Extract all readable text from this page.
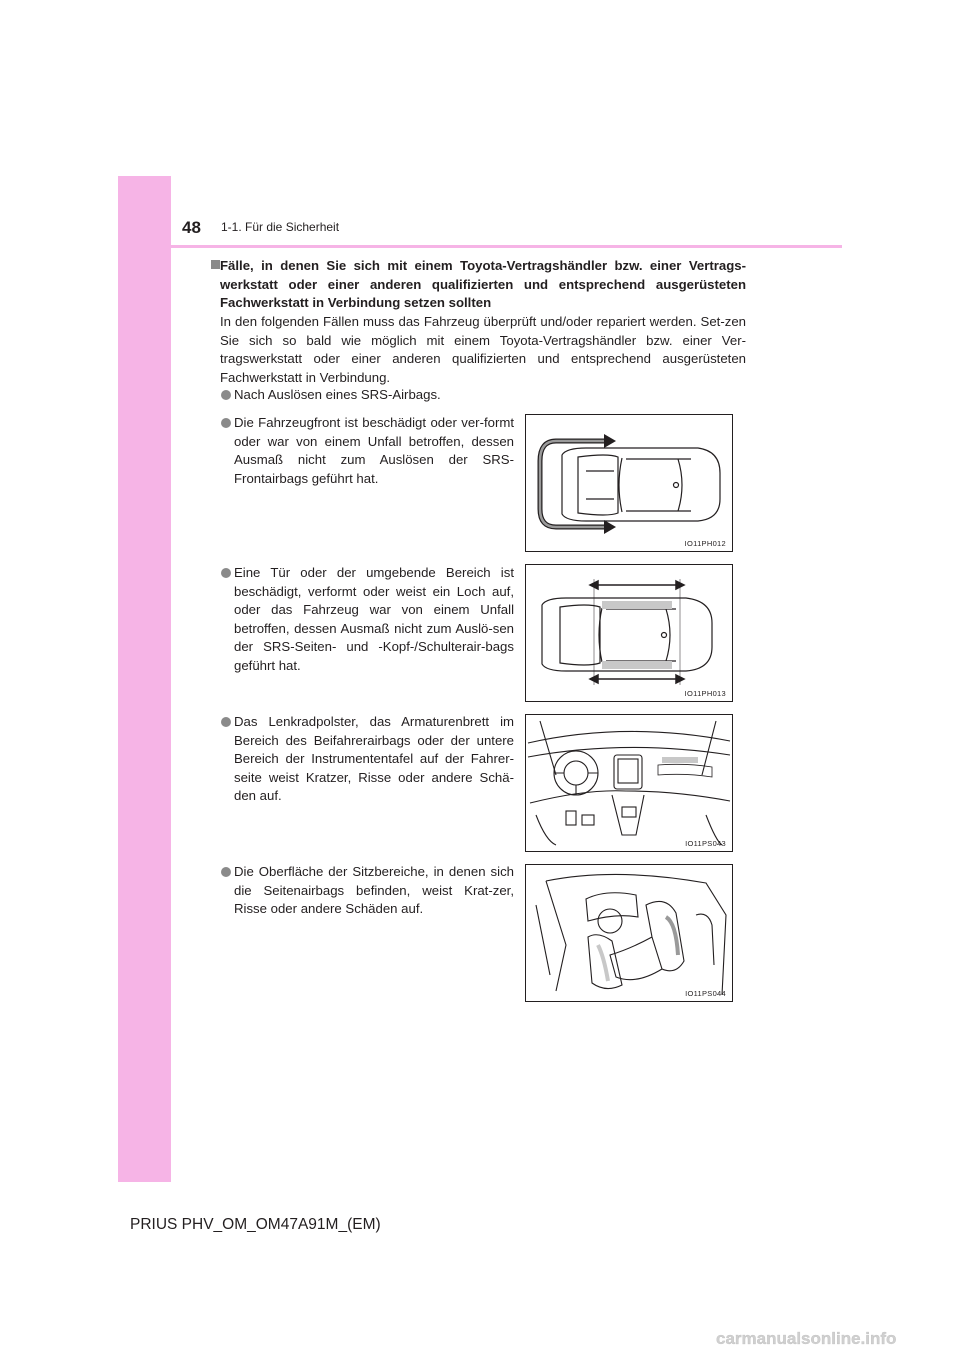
48 1-1. Für die Sicherheit
Fälle, in denen Sie sich mit einem Toyota-Vertragshändler bzw. einer Vertrags-werkstatt oder einer anderen qualifizierten und entsprechend ausgerüsteten Fachwerkstatt in Verbindung setzen sollten
In den folgenden Fällen muss das Fahrzeug überprüft und/oder repariert werden. Set-zen Sie sich so bald wie möglich mit einem Toyota-Vertragshändler bzw. einer Ver-tragswerkstatt oder einer anderen qualifizierten und entsprechend ausgerüsteten Fachwerkstatt in Verbindung.
Nach Auslösen eines SRS-Airbags.
Die Fahrzeugfront ist beschädigt oder ver-formt oder war von einem Unfall betroffen, dessen Ausmaß nicht zum Auslösen der SRS-Frontairbags geführt hat.
Eine Tür oder der umgebende Bereich ist beschädigt, verformt oder weist ein Loch auf, oder das Fahrzeug war von einem Unfall betroffen, dessen Ausmaß nicht zum Auslö-sen der SRS-Seiten- und -Kopf-/Schulterair-bags geführt hat.
Das Lenkradpolster, das Armaturenbrett im Bereich des Beifahrerairbags oder der untere Bereich der Instrumententafel auf der Fahrer-seite weist Kratzer, Risse oder andere Schä-den auf.
Die Oberfläche der Sitzbereiche, in denen sich die Seitenairbags befinden, weist Krat-zer, Risse oder andere Schäden auf.
IO11PH012
IO11PH013
IO11PS043
IO11PS044
PRIUS PHV_OM_OM47A91M_(EM)
carmanualsonline.info
